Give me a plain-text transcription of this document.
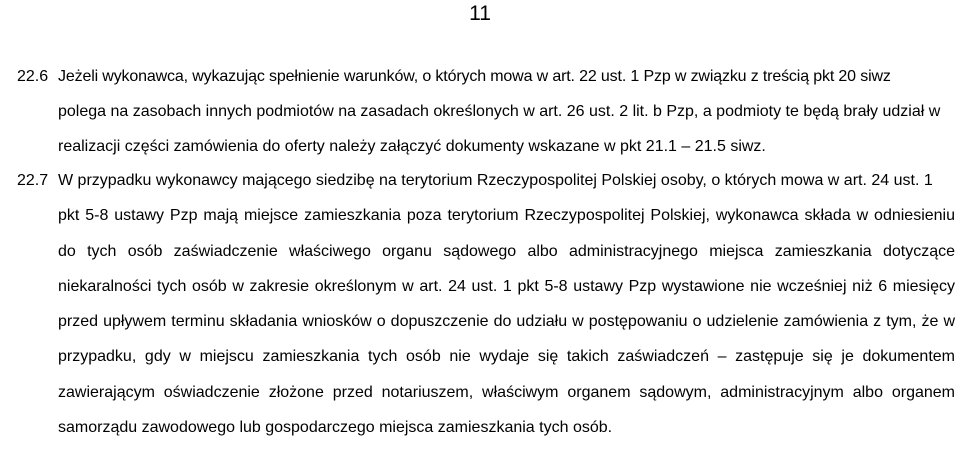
11
22.6 Jeżeli wykonawca, wykazując spełnienie warunków, o których mowa w art. 22 ust. 1 Pzp w związku z treścią pkt 20 siwz
polega na zasobach innych podmiotów na zasadach określonych w art. 26 ust. 2 lit. b Pzp, a podmioty te będą brały udział w
realizacji części zamówienia do oferty należy załączyć dokumenty wskazane w pkt 21.1 – 21.5 siwz.
22.7 W przypadku wykonawcy mającego siedzibę na terytorium Rzeczypospolitej Polskiej osoby, o których mowa w art. 24 ust. 1
pkt 5-8 ustawy Pzp mają miejsce zamieszkania poza terytorium Rzeczypospolitej Polskiej, wykonawca składa w odniesieniu
do tych osób zaświadczenie właściwego organu sądowego albo administracyjnego miejsca zamieszkania dotyczące
niekaralności tych osób w zakresie określonym w art. 24 ust. 1 pkt 5-8 ustawy Pzp wystawione nie wcześniej niż 6 miesięcy
przed upływem terminu składania wniosków o dopuszczenie do udziału w postępowaniu o udzielenie zamówienia z tym, że w
przypadku, gdy w miejscu zamieszkania tych osób nie wydaje się takich zaświadczeń – zastępuje się je dokumentem
zawierającym oświadczenie złożone przed notariuszem, właściwym organem sądowym, administracyjnym albo organem
samorządu zawodowego lub gospodarczego miejsca zamieszkania tych osób.
